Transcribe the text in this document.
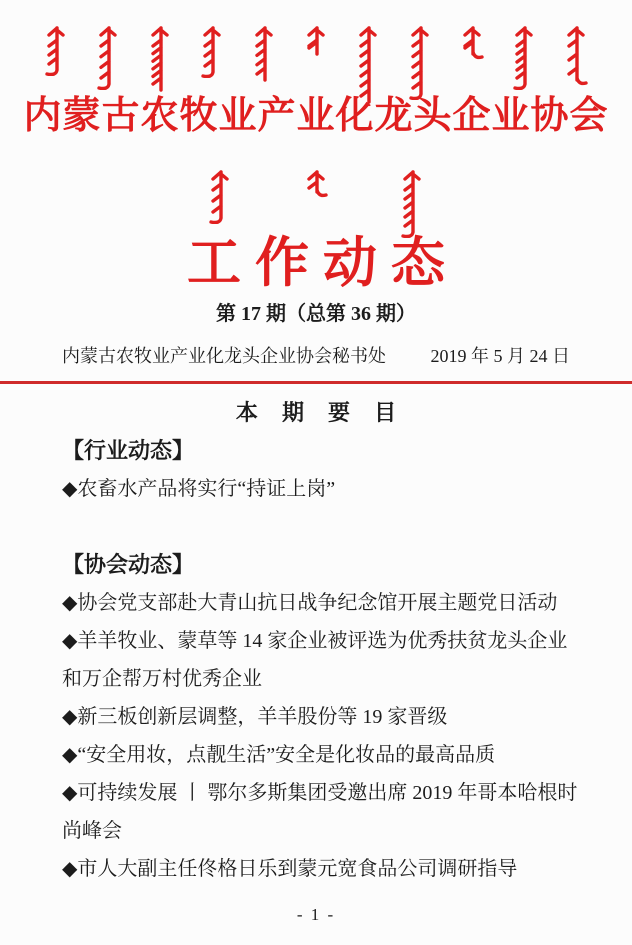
内蒙古农牧业产业化龙头企业协会
工作动态
第 17 期（总第 36 期）
内蒙古农牧业产业化龙头企业协会秘书处 2019 年 5 月 24 日
本 期 要 目
【行业动态】
◆农畜水产品将实行“持证上岗”
【协会动态】
◆协会党支部赴大青山抗日战争纪念馆开展主题党日活动
◆羊羊牧业、蒙草等 14 家企业被评选为优秀扶贫龙头企业
和万企帮万村优秀企业
◆新三板创新层调整，羊羊股份等 19 家晋级
◆“安全用妆，点靓生活”安全是化妆品的最高品质
◆可持续发展 丨 鄂尔多斯集团受邀出席 2019 年哥本哈根时
尚峰会
◆市人大副主任佟格日乐到蒙元宽食品公司调研指导
- 1 -
